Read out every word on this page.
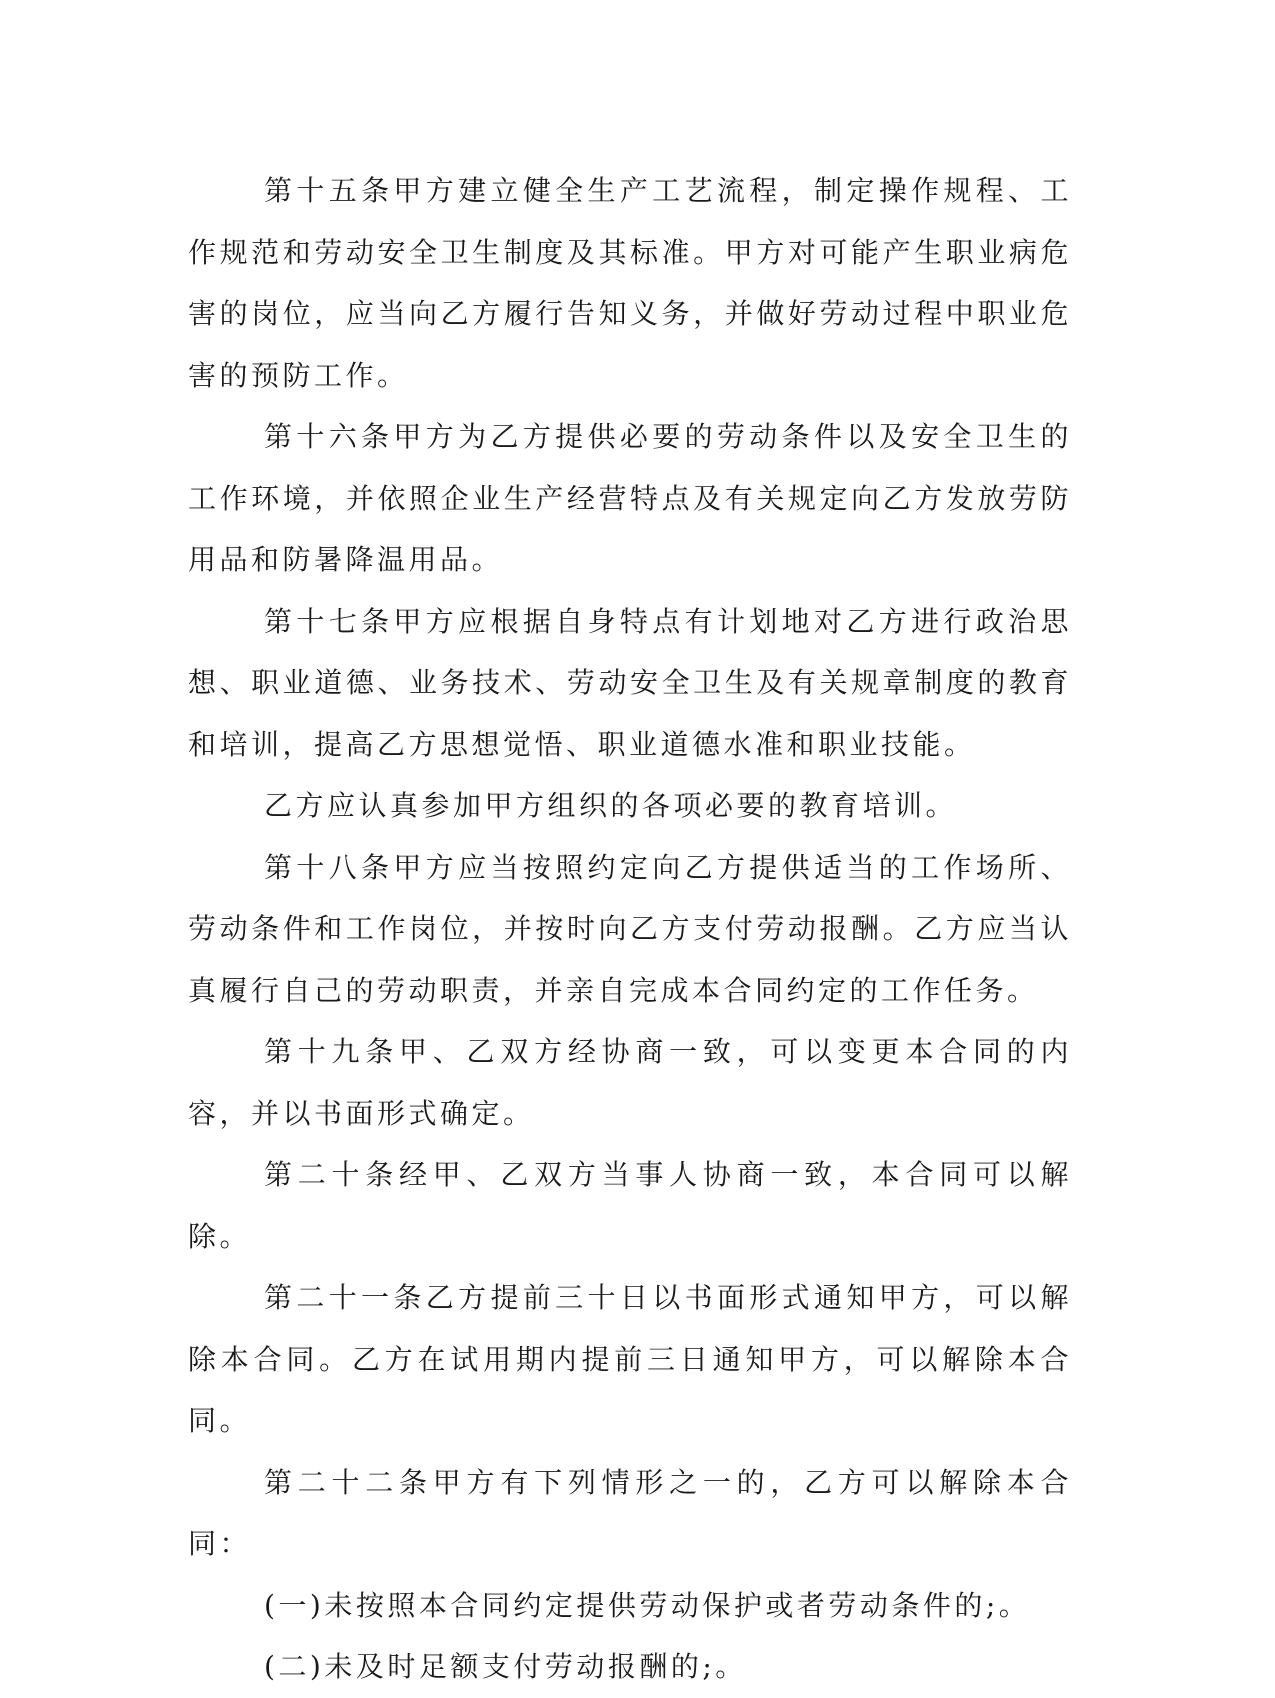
第十五条甲方建立健全生产工艺流程，制定操作规程、工作规范和劳动安全卫生制度及其标准。甲方对可能产生职业病危害的岗位，应当向乙方履行告知义务，并做好劳动过程中职业危害的预防工作。

第十六条甲方为乙方提供必要的劳动条件以及安全卫生的工作环境，并依照企业生产经营特点及有关规定向乙方发放劳防用品和防暑降温用品。

第十七条甲方应根据自身特点有计划地对乙方进行政治思想、职业道德、业务技术、劳动安全卫生及有关规章制度的教育和培训，提高乙方思想觉悟、职业道德水准和职业技能。

乙方应认真参加甲方组织的各项必要的教育培训。

第十八条甲方应当按照约定向乙方提供适当的工作场所、劳动条件和工作岗位，并按时向乙方支付劳动报酬。乙方应当认真履行自己的劳动职责，并亲自完成本合同约定的工作任务。

第十九条甲、乙双方经协商一致，可以变更本合同的内容，并以书面形式确定。

第二十条经甲、乙双方当事人协商一致，本合同可以解除。

第二十一条乙方提前三十日以书面形式通知甲方，可以解除本合同。乙方在试用期内提前三日通知甲方，可以解除本合同。

第二十二条甲方有下列情形之一的，乙方可以解除本合同：

(一)未按照本合同约定提供劳动保护或者劳动条件的;。

(二)未及时足额支付劳动报酬的;。
